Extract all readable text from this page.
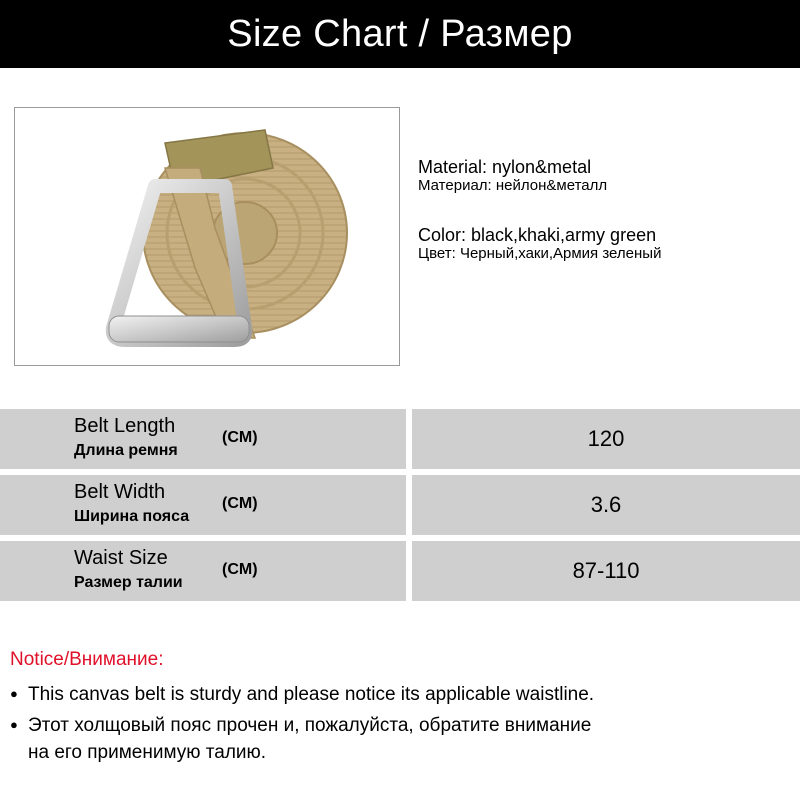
Size Chart / Размер
Material: nylon&metal
Материал: нейлон&металл
Color: black,khaki,army green
Цвет: Черный,хаки,Армия зеленый
Belt Length
Длина ремня
(CM)	120
Belt Width
Ширина пояса
(CM)	3.6
Waist Size
Размер талии
(CM)	87-110
Notice/Внимание:
● This canvas belt is sturdy and please notice its applicable waistline.
● Этот холщовый пояс прочен и, пожалуйста, обратите внимание
на его применимую талию.
